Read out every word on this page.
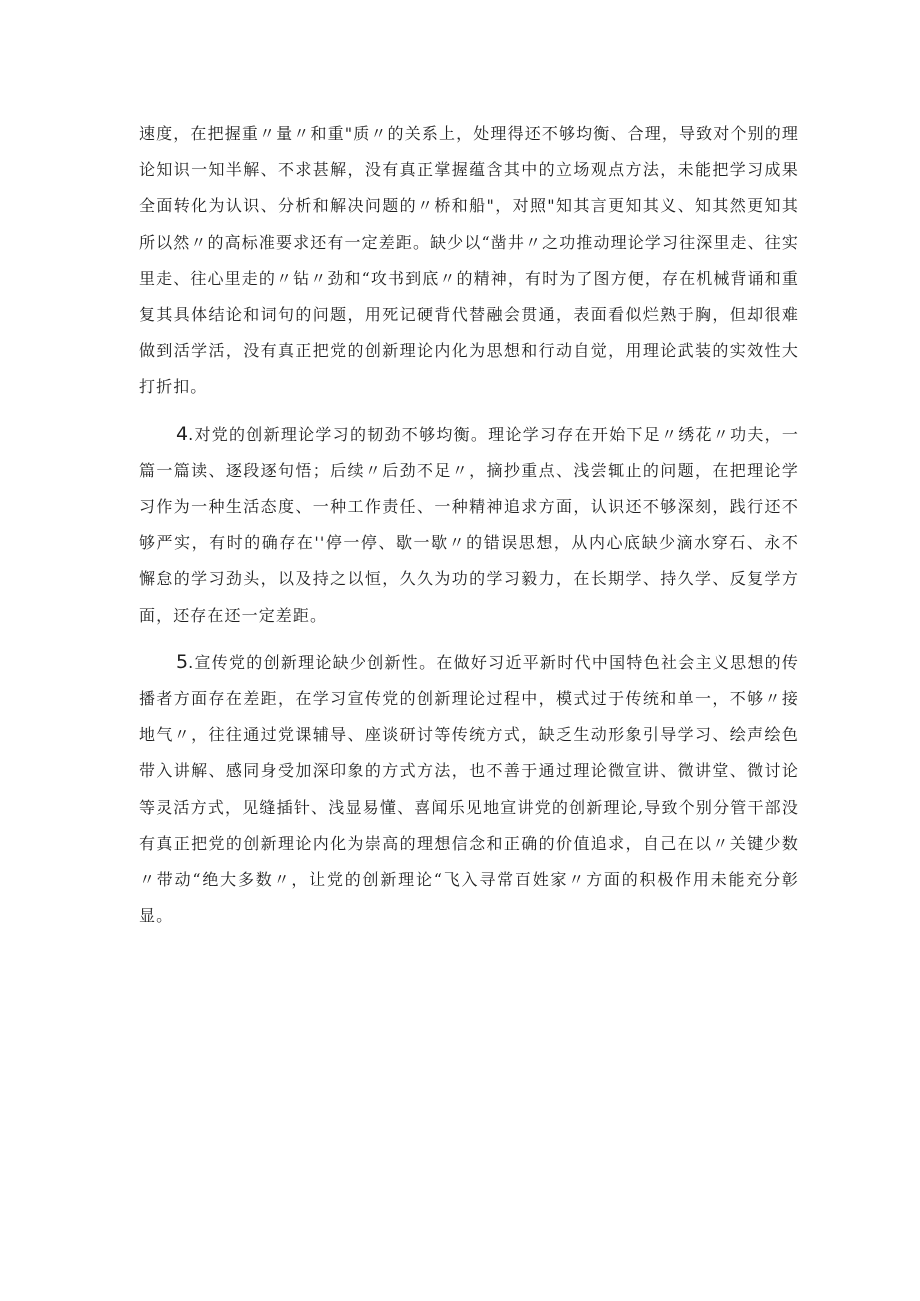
速度，在把握重〃量〃和重"质〃的关系上，处理得还不够均衡、合理，导致对个别的理论知识一知半解、不求甚解，没有真正掌握蕴含其中的立场观点方法，未能把学习成果全面转化为认识、分析和解决问题的〃桥和船"，对照"知其言更知其义、知其然更知其所以然〃的高标准要求还有一定差距。缺少以“凿井〃之功推动理论学习往深里走、往实里走、往心里走的〃钻〃劲和“攻书到底〃的精神，有时为了图方便，存在机械背诵和重复其具体结论和词句的问题，用死记硬背代替融会贯通，表面看似烂熟于胸，但却很难做到活学活，没有真正把党的创新理论内化为思想和行动自觉，用理论武装的实效性大打折扣。

4.对党的创新理论学习的韧劲不够均衡。理论学习存在开始下足〃绣花〃功夫，一篇一篇读、逐段逐句悟；后续〃后劲不足〃，摘抄重点、浅尝辄止的问题，在把理论学习作为一种生活态度、一种工作责任、一种精神追求方面，认识还不够深刻，践行还不够严实，有时的确存在''停一停、歇一歇〃的错误思想，从内心底缺少滴水穿石、永不懈怠的学习劲头，以及持之以恒，久久为功的学习毅力，在长期学、持久学、反复学方面，还存在还一定差距。

5.宣传党的创新理论缺少创新性。在做好习近平新时代中国特色社会主义思想的传播者方面存在差距，在学习宣传党的创新理论过程中，模式过于传统和单一，不够〃接地气〃，往往通过党课辅导、座谈研讨等传统方式，缺乏生动形象引导学习、绘声绘色带入讲解、感同身受加深印象的方式方法，也不善于通过理论微宣讲、微讲堂、微讨论等灵活方式，见缝插针、浅显易懂、喜闻乐见地宣讲党的创新理论,导致个别分管干部没有真正把党的创新理论内化为崇高的理想信念和正确的价值追求，自己在以〃关键少数〃带动“绝大多数〃，让党的创新理论“飞入寻常百姓家〃方面的积极作用未能充分彰显。
